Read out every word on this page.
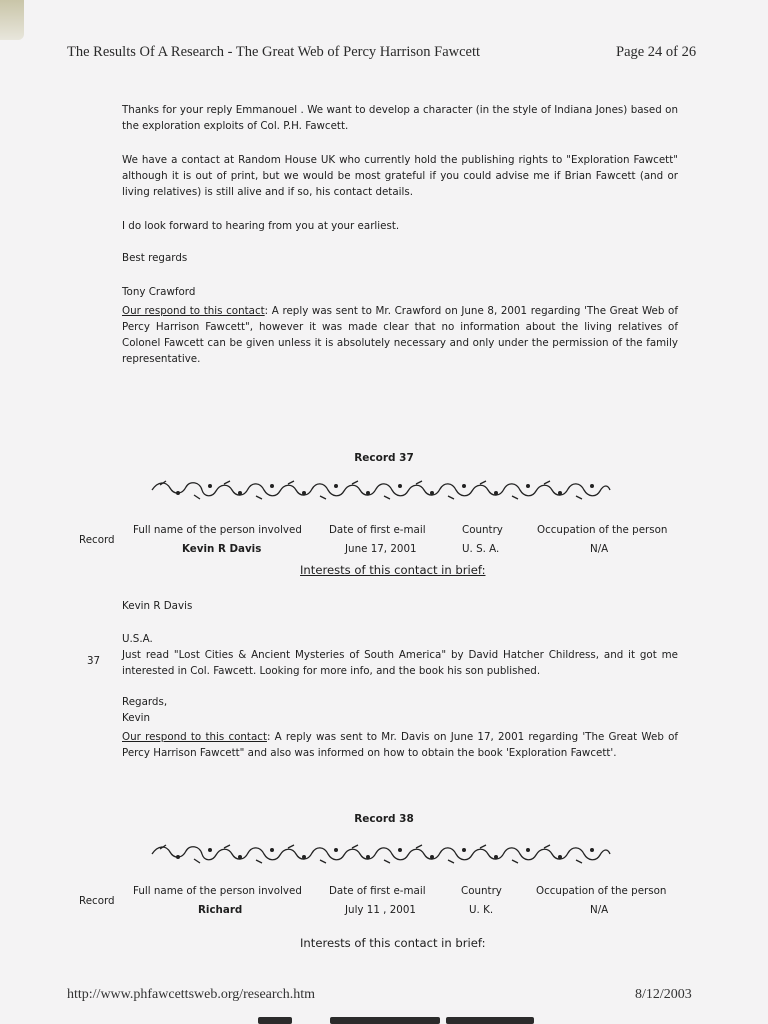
The Results Of A Research - The Great Web of Percy Harrison Fawcett	Page 24 of 26
Thanks for your reply Emmanouel . We want to develop a character (in the style of Indiana Jones) based on the exploration exploits of Col. P.H. Fawcett.
We have a contact at Random House UK who currently hold the publishing rights to "Exploration Fawcett" although it is out of print, but we would be most grateful if you could advise me if Brian Fawcett (and or living relatives) is still alive and if so, his contact details.
I do look forward to hearing from you at your earliest.
Best regards
Tony Crawford
Our respond to this contact: A reply was sent to Mr. Crawford on June 8, 2001 regarding 'The Great Web of Percy Harrison Fawcett", however it was made clear that no information about the living relatives of Colonel Fawcett can be given unless it is absolutely necessary and only under the permission of the family representative.
Record 37
Record
Full name of the person involved	Date of first e-mail	Country	Occupation of the person
Kevin R Davis	June 17, 2001	U. S. A.	N/A
Interests of this contact in brief:
37
Kevin R Davis
U.S.A.
Just read "Lost Cities & Ancient Mysteries of South America" by David Hatcher Childress, and it got me interested in Col. Fawcett. Looking for more info, and the book his son published.
Regards,
Kevin
Our respond to this contact: A reply was sent to Mr. Davis on June 17, 2001 regarding 'The Great Web of Percy Harrison Fawcett" and also was informed on how to obtain the book 'Exploration Fawcett'.
Record 38
Record
Full name of the person involved	Date of first e-mail	Country	Occupation of the person
Richard	July 11 , 2001	U. K.	N/A
Interests of this contact in brief:
http://www.phfawcettsweb.org/research.htm	8/12/2003
